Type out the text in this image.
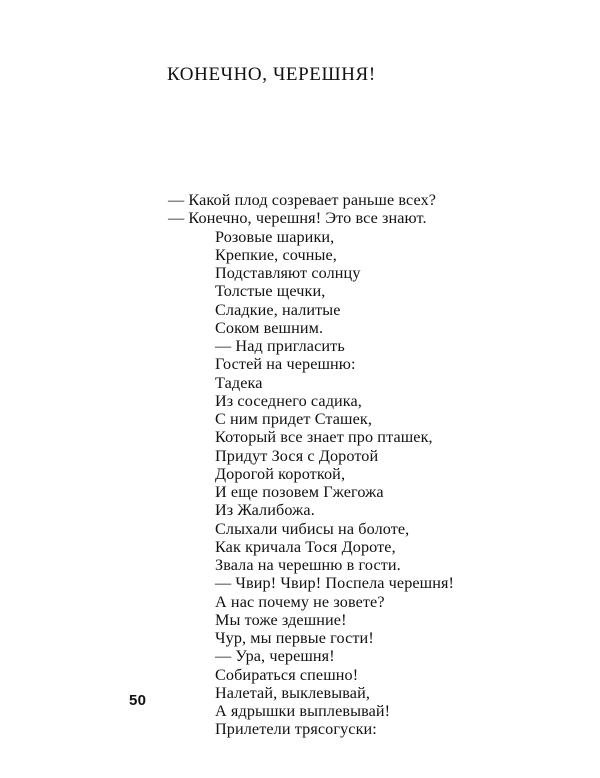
КОНЕЧНО, ЧЕРЕШНЯ!
— Какой плод созревает раньше всех?
— Конечно, черешня! Это все знают.
Розовые шарики,
Крепкие, сочные,
Подставляют солнцу
Толстые щечки,
Сладкие, налитые
Соком вешним.
— Над пригласить
Гостей на черешню:
Тадека
Из соседнего садика,
С ним придет Сташек,
Который все знает про пташек,
Придут Зося с Доротой
Дорогой короткой,
И еще позовем Гжегожа
Из Жалибожа.
Слыхали чибисы на болоте,
Как кричала Тося Дороте,
Звала на черешню в гости.
— Чвир! Чвир! Поспела черешня!
А нас почему не зовете?
Мы тоже здешние!
Чур, мы первые гости!
— Ура, черешня!
Собираться спешно!
Налетай, выклевывай,
А ядрышки выплевывай!
Прилетели трясогуски:
50
